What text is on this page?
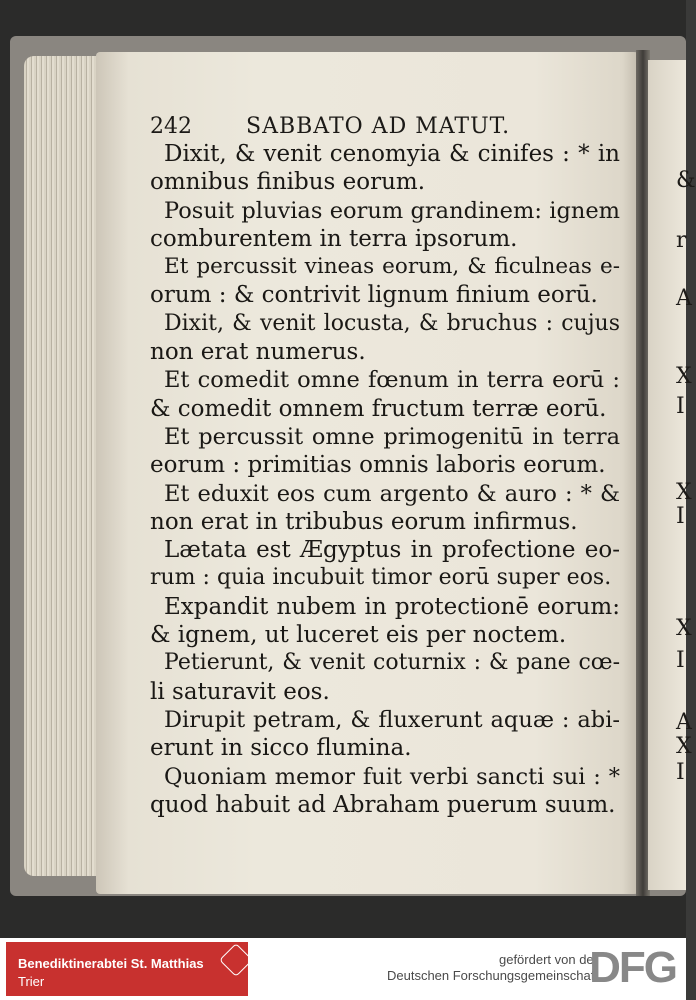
&
r
A
X
I
X
I
X
I
A
X
I
242 SABBATO AD MATUT.

Dixit, & venit cenomyia & cinifes : * in
omnibus finibus eorum.

Posuit pluvias eorum grandinem: ignem
comburentem in terra ipsorum.

Et percussit vineas eorum, & ficulneas e-
orum : & contrivit lignum finium eorū.

Dixit, & venit locusta, & bruchus : cujus
non erat numerus.

Et comedit omne fœnum in terra eorū :
& comedit omnem fructum terræ eorū.

Et percussit omne primogenitū in terra
eorum : primitias omnis laboris eorum.

Et eduxit eos cum argento & auro : * &
non erat in tribubus eorum infirmus.

Lætata est Ægyptus in profectione eo-
rum : quia incubuit timor eorū super eos.

Expandit nubem in protectionē eorum:
& ignem, ut luceret eis per noctem.

Petierunt, & venit coturnix : & pane cœ-
li saturavit eos.

Dirupit petram, & fluxerunt aquæ : abi-
erunt in sicco flumina.

Quoniam memor fuit verbi sancti sui : *
quod habuit ad Abraham puerum suum.

Benediktinerabtei St. Matthias
Trier
gefördert von der
Deutschen Forschungsgemeinschaft
DFG
